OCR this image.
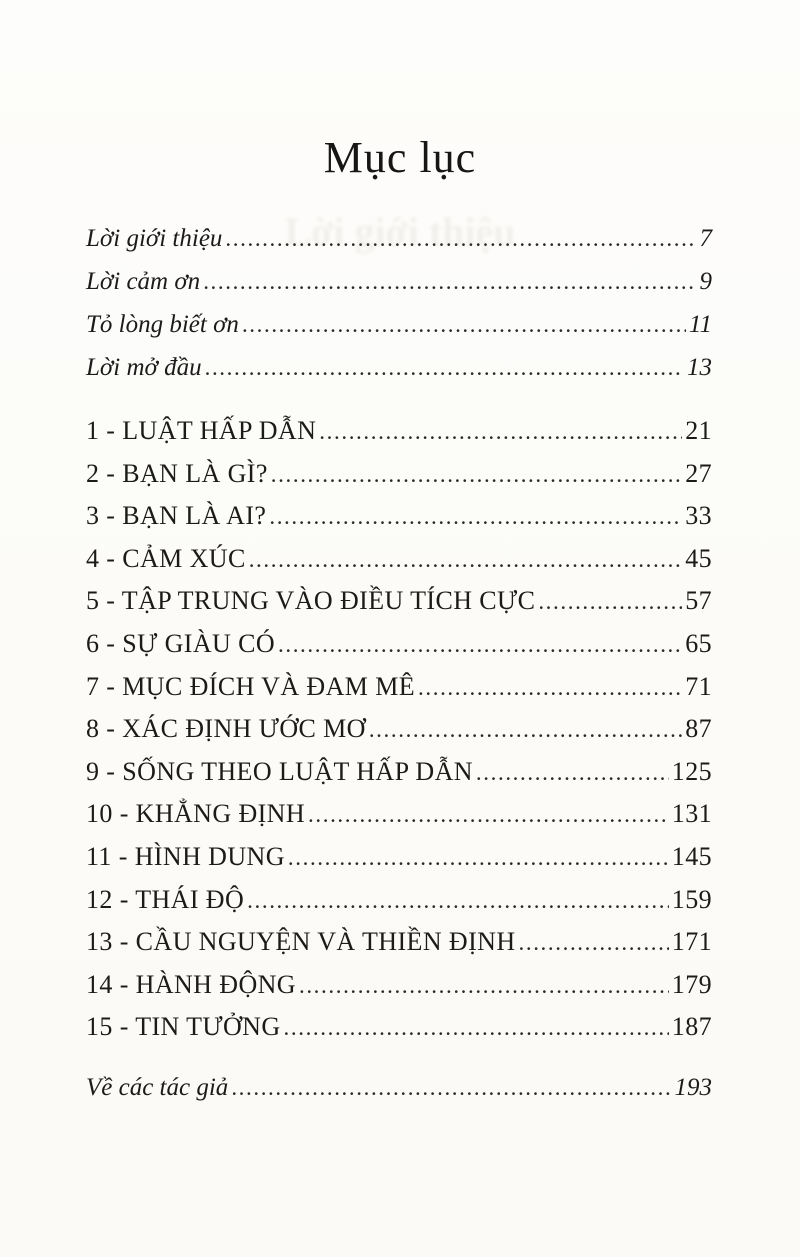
Lời giới thiệu
Mục lục
Lời giới thiệu .....	7
Lời cảm ơn .....	9
Tỏ lòng biết ơn .....	11
Lời mở đầu .....	13
1 - LUẬT HẤP DẪN .....	21
2 - BẠN LÀ GÌ? .....	27
3 - BẠN LÀ AI? .....	33
4 - CẢM XÚC .....	45
5 - TẬP TRUNG VÀO ĐIỀU TÍCH CỰC .....	57
6 - SỰ GIÀU CÓ .....	65
7 - MỤC ĐÍCH VÀ ĐAM MÊ .....	71
8 - XÁC ĐỊNH ƯỚC MƠ .....	87
9 - SỐNG THEO LUẬT HẤP DẪN .....	125
10 - KHẲNG ĐỊNH .....	131
11 - HÌNH DUNG .....	145
12 - THÁI ĐỘ .....	159
13 - CẦU NGUYỆN VÀ THIỀN ĐỊNH .....	171
14 - HÀNH ĐỘNG .....	179
15 - TIN TƯỞNG .....	187
Về các tác giả .....	193
